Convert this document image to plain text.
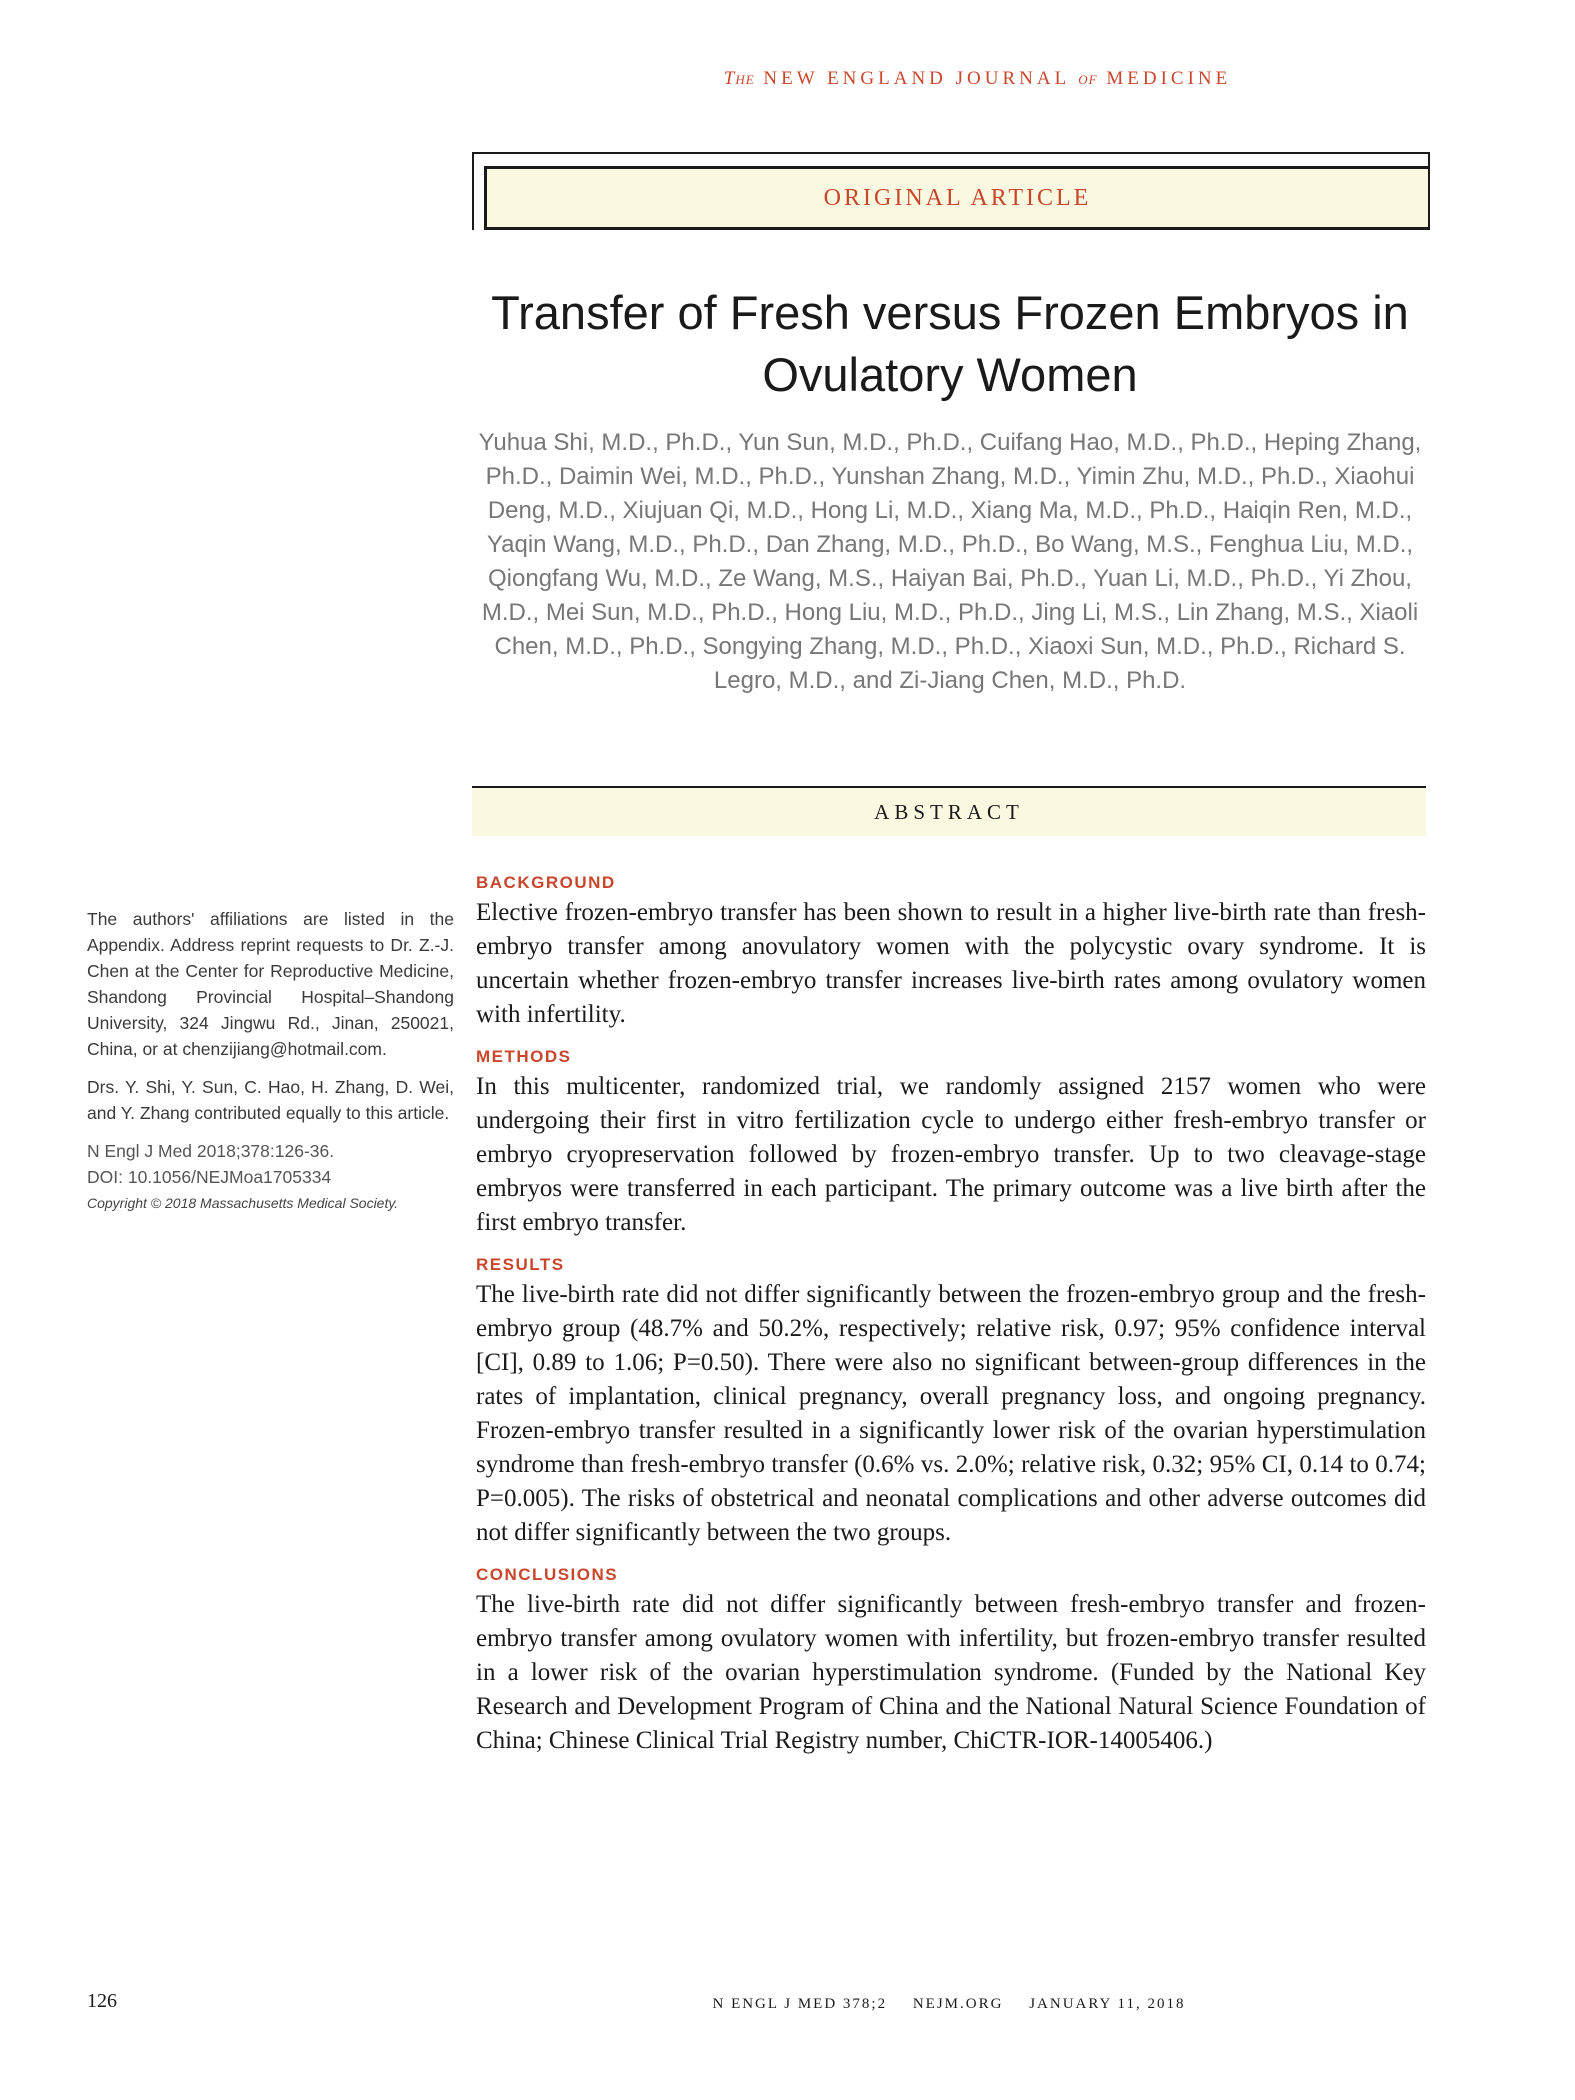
The NEW ENGLAND JOURNAL of MEDICINE
ORIGINAL ARTICLE
Transfer of Fresh versus Frozen Embryos in Ovulatory Women

Yuhua Shi, M.D., Ph.D., Yun Sun, M.D., Ph.D., Cuifang Hao, M.D., Ph.D., Heping Zhang, Ph.D., Daimin Wei, M.D., Ph.D., Yunshan Zhang, M.D., Yimin Zhu, M.D., Ph.D., Xiaohui Deng, M.D., Xiujuan Qi, M.D., Hong Li, M.D., Xiang Ma, M.D., Ph.D., Haiqin Ren, M.D., Yaqin Wang, M.D., Ph.D., Dan Zhang, M.D., Ph.D., Bo Wang, M.S., Fenghua Liu, M.D., Qiongfang Wu, M.D., Ze Wang, M.S., Haiyan Bai, Ph.D., Yuan Li, M.D., Ph.D., Yi Zhou, M.D., Mei Sun, M.D., Ph.D., Hong Liu, M.D., Ph.D., Jing Li, M.S., Lin Zhang, M.S., Xiaoli Chen, M.D., Ph.D., Songying Zhang, M.D., Ph.D., Xiaoxi Sun, M.D., Ph.D., Richard S. Legro, M.D., and Zi-Jiang Chen, M.D., Ph.D.

ABSTRACT

The authors' affiliations are listed in the Appendix. Address reprint requests to Dr. Z.-J. Chen at the Center for Reproductive Medicine, Shandong Provincial Hospital–Shandong University, 324 Jingwu Rd., Jinan, 250021, China, or at chenzijiang@hotmail.com.

Drs. Y. Shi, Y. Sun, C. Hao, H. Zhang, D. Wei, and Y. Zhang contributed equally to this article.

N Engl J Med 2018;378:126-36.

DOI: 10.1056/NEJMoa1705334

Copyright © 2018 Massachusetts Medical Society.

BACKGROUND

Elective frozen-embryo transfer has been shown to result in a higher live-birth rate than fresh-embryo transfer among anovulatory women with the polycystic ovary syndrome. It is uncertain whether frozen-embryo transfer increases live-birth rates among ovulatory women with infertility.

METHODS

In this multicenter, randomized trial, we randomly assigned 2157 women who were undergoing their first in vitro fertilization cycle to undergo either fresh-embryo transfer or embryo cryopreservation followed by frozen-embryo transfer. Up to two cleavage-stage embryos were transferred in each participant. The primary outcome was a live birth after the first embryo transfer.

RESULTS

The live-birth rate did not differ significantly between the frozen-embryo group and the fresh-embryo group (48.7% and 50.2%, respectively; relative risk, 0.97; 95% confidence interval [CI], 0.89 to 1.06; P=0.50). There were also no significant between-group differences in the rates of implantation, clinical pregnancy, overall pregnancy loss, and ongoing pregnancy. Frozen-embryo transfer resulted in a significantly lower risk of the ovarian hyperstimulation syndrome than fresh-embryo transfer (0.6% vs. 2.0%; relative risk, 0.32; 95% CI, 0.14 to 0.74; P=0.005). The risks of obstetrical and neonatal complications and other adverse outcomes did not differ significantly between the two groups.

CONCLUSIONS

The live-birth rate did not differ significantly between fresh-embryo transfer and frozen-embryo transfer among ovulatory women with infertility, but frozen-embryo transfer resulted in a lower risk of the ovarian hyperstimulation syndrome. (Funded by the National Key Research and Development Program of China and the National Natural Science Foundation of China; Chinese Clinical Trial Registry number, ChiCTR-IOR-14005406.)

126	N ENGL J MED 378;2 NEJM.ORG JANUARY 11, 2018
